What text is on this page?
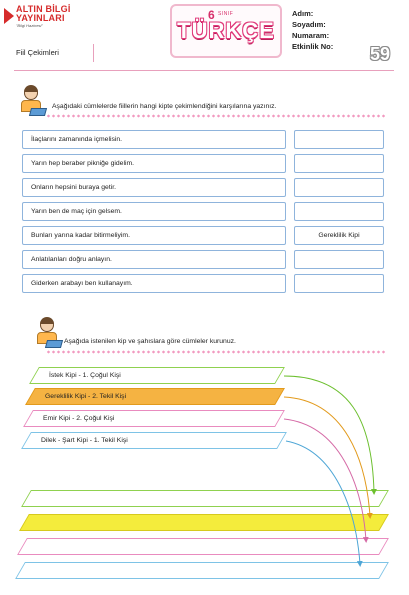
ALTIN BİLGİ
YAYINLARI
"Bilgi Hazinesi"
6 SINIF
TÜRKÇE
Adım:
Soyadım:
Numaram:
Etkinlik No: 59
Fiil Çekimleri
Aşağıdaki cümlelerde fiillerin hangi kipte çekimlendiğini karşılarına yazınız.
İlaçlarını zamanında içmelisin.
Yarın hep beraber pikniğe gidelim.
Onların hepsini buraya getir.
Yarın ben de maç için gelsem.
Bunları yarına kadar bitirmeliyim.	Gereklilik Kipi
Anlatılanları doğru anlayın.
Giderken arabayı ben kullanayım.
Aşağıda istenilen kip ve şahıslara göre cümleler kurunuz.
İstek Kipi - 1. Çoğul Kişi
Gereklilik Kipi - 2. Tekil Kişi
Emir Kipi - 2. Çoğul Kişi
Dilek - Şart Kipi - 1. Tekil Kişi
